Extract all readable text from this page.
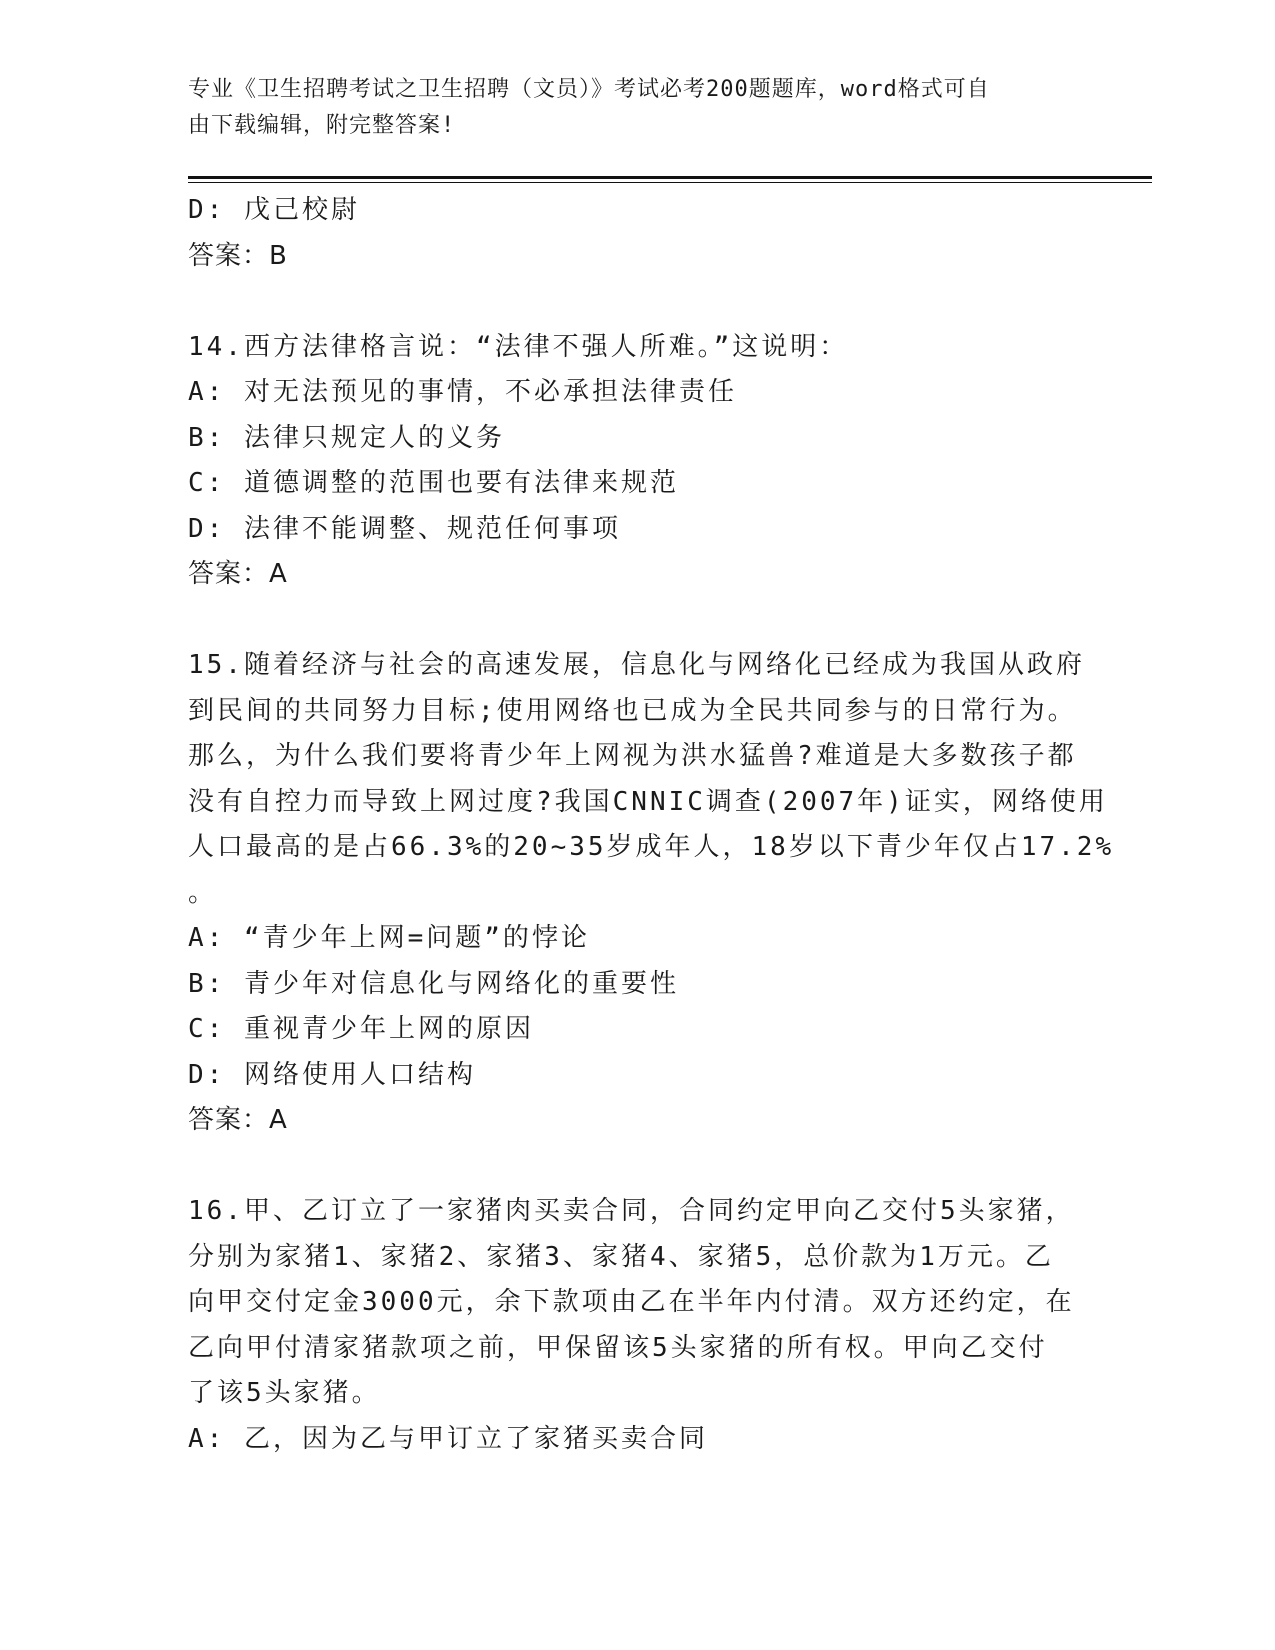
专业《卫生招聘考试之卫生招聘（文员）》考试必考200题题库，word格式可自
由下载编辑，附完整答案!
D: 戊己校尉
答案：B
14.西方法律格言说：“法律不强人所难。”这说明：
A: 对无法预见的事情，不必承担法律责任
B: 法律只规定人的义务
C: 道德调整的范围也要有法律来规范
D: 法律不能调整、规范任何事项
答案：A
15.随着经济与社会的高速发展，信息化与网络化已经成为我国从政府
到民间的共同努力目标;使用网络也已成为全民共同参与的日常行为。
那么，为什么我们要将青少年上网视为洪水猛兽?难道是大多数孩子都
没有自控力而导致上网过度?我国CNNIC调查(2007年)证实，网络使用
人口最高的是占66.3%的20~35岁成年人，18岁以下青少年仅占17.2%
。
A: “青少年上网=问题”的悖论
B: 青少年对信息化与网络化的重要性
C: 重视青少年上网的原因
D: 网络使用人口结构
答案：A
16.甲、乙订立了一家猪肉买卖合同，合同约定甲向乙交付5头家猪，
分别为家猪1、家猪2、家猪3、家猪4、家猪5，总价款为1万元。乙
向甲交付定金3000元，余下款项由乙在半年内付清。双方还约定，在
乙向甲付清家猪款项之前，甲保留该5头家猪的所有权。甲向乙交付
了该5头家猪。
A: 乙，因为乙与甲订立了家猪买卖合同
